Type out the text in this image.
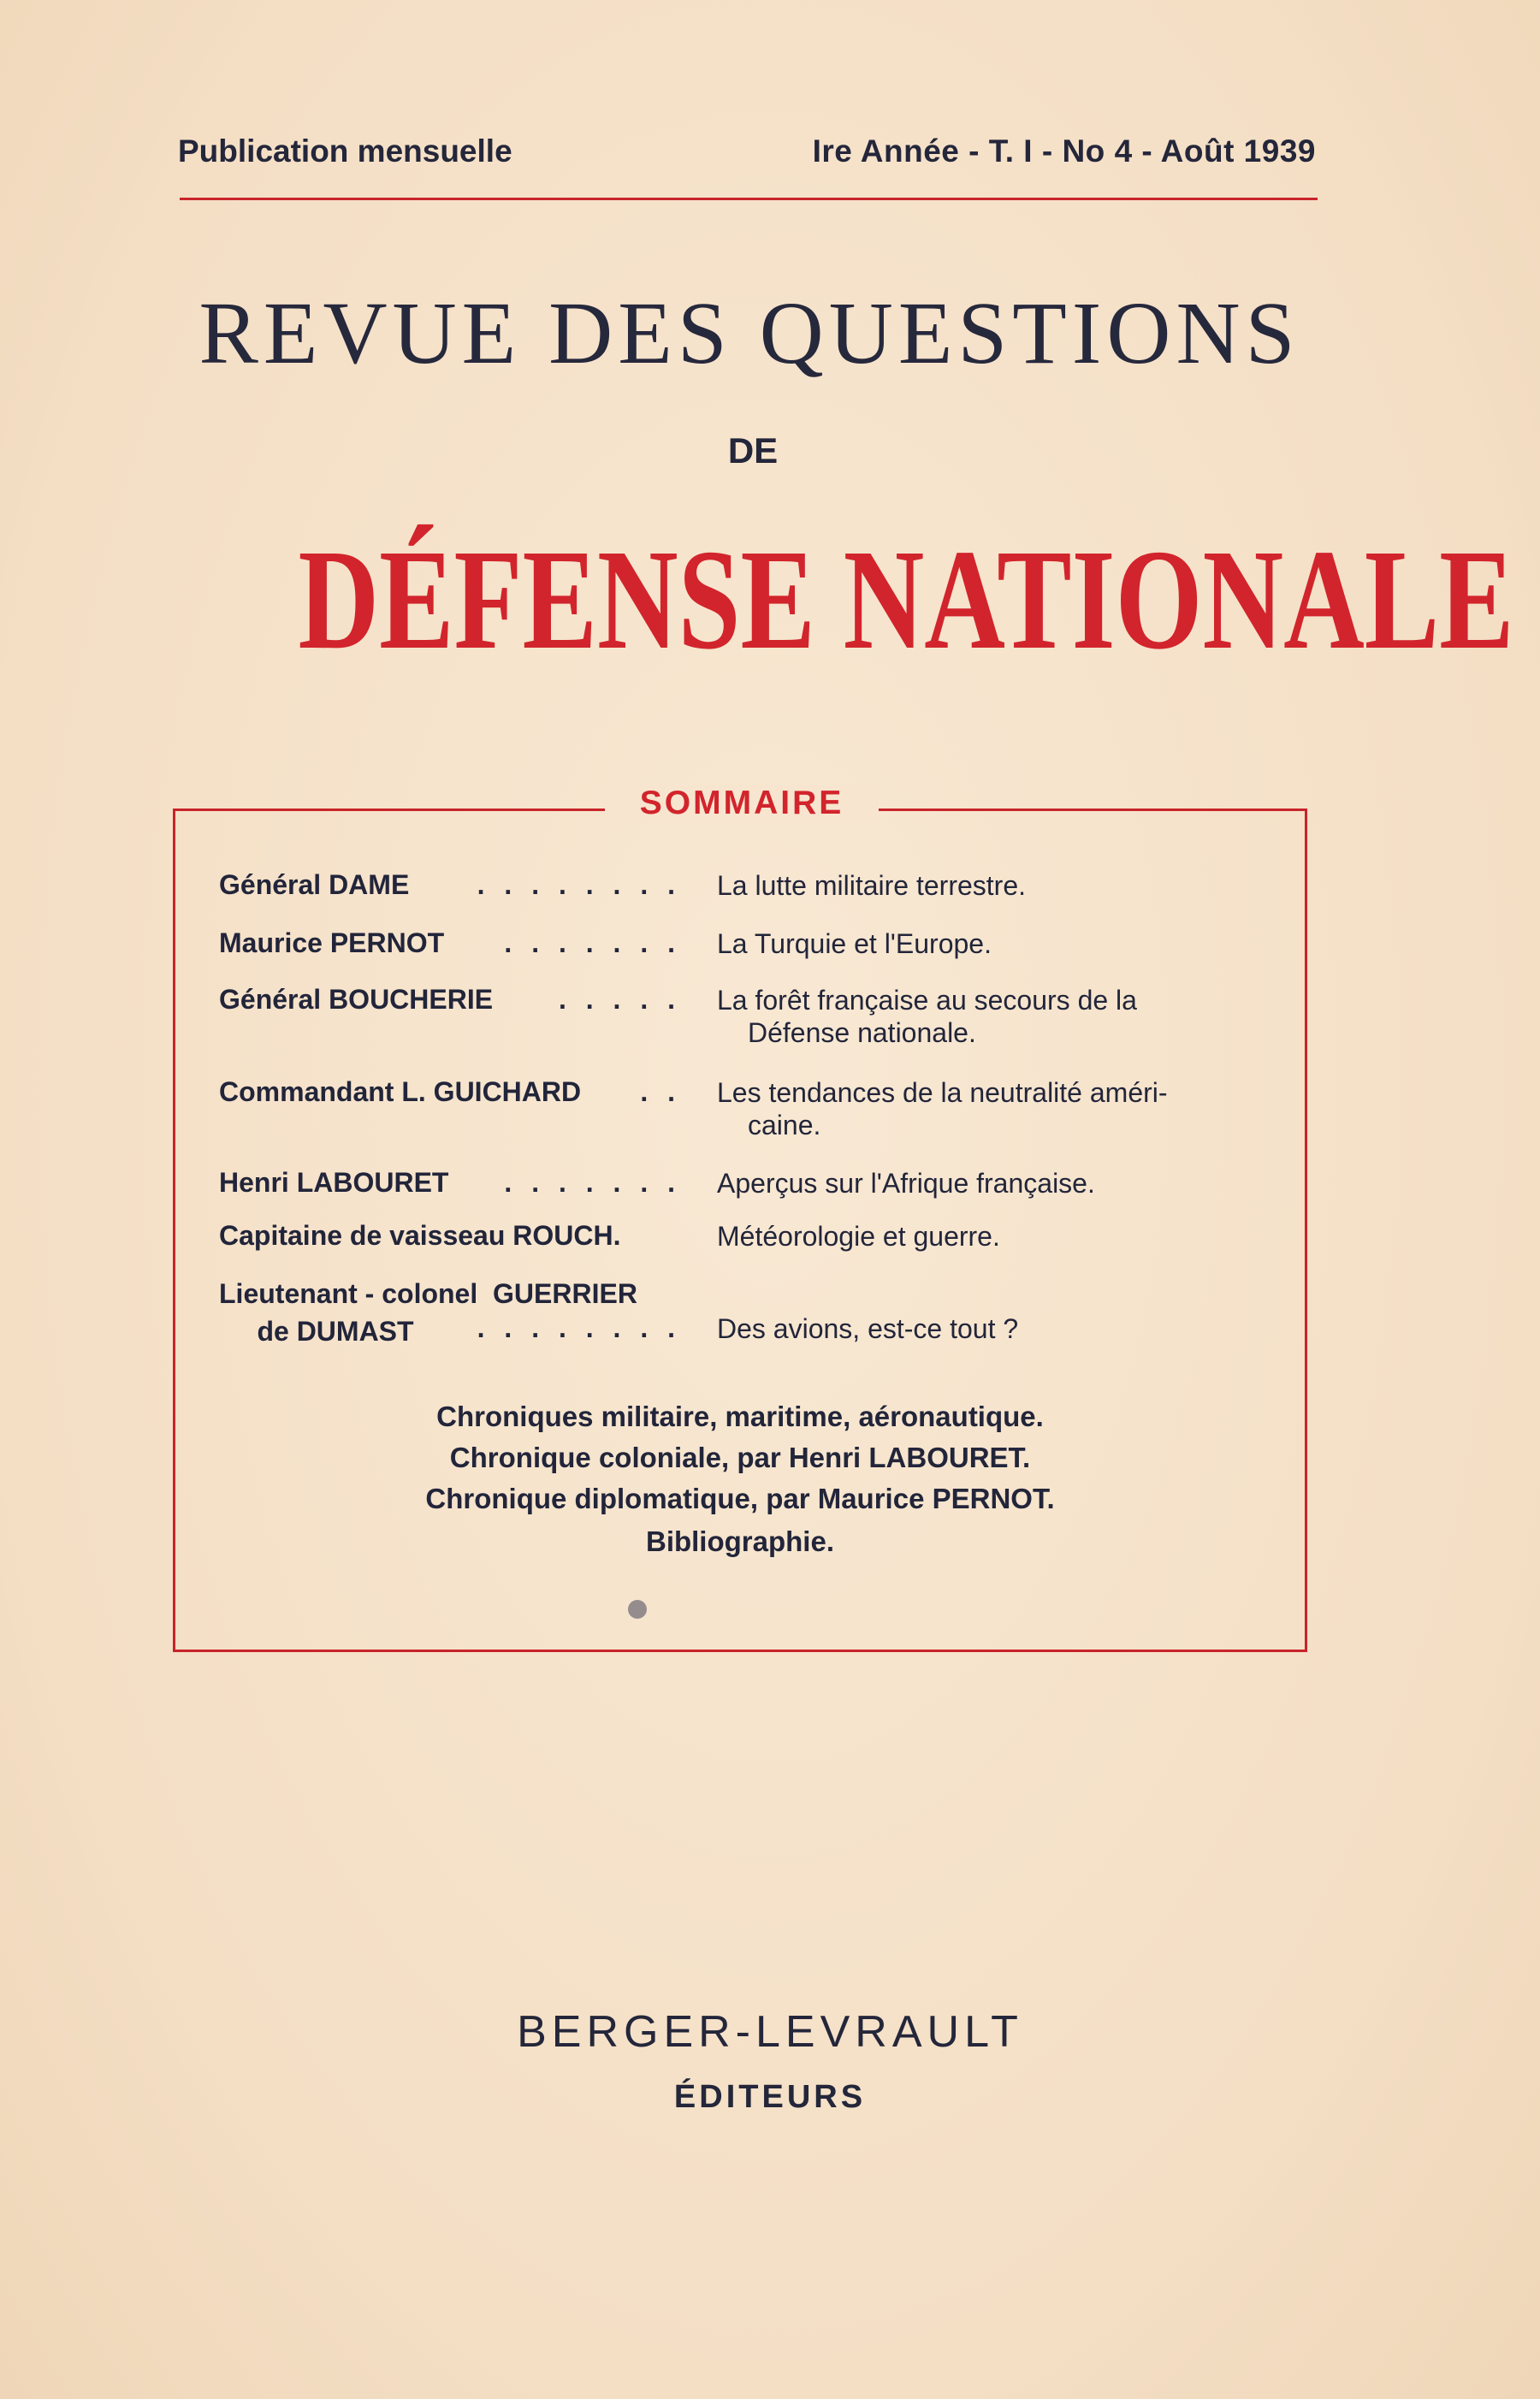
Publication mensuelle	Ire Année - T. I - No 4 - Août 1939
REVUE DES QUESTIONS
DE
DÉFENSE NATIONALE
SOMMAIRE
Général DAME	. . . . . . . . La lutte militaire terrestre.
Maurice PERNOT	. . . . . . . La Turquie et l'Europe.
Général BOUCHERIE	. . . . . La forêt française au secours de la
Défense nationale.
Commandant L. GUICHARD	. . Les tendances de la neutralité améri-
caine.
Henri LABOURET	. . . . . . . Aperçus sur l'Afrique française.
Capitaine de vaisseau ROUCH.	Météorologie et guerre.
Lieutenant - colonel  GUERRIER
de DUMAST	. . . . . . . . Des avions, est-ce tout ?
Chroniques militaire, maritime, aéronautique.
Chronique coloniale, par Henri LABOURET.
Chronique diplomatique, par Maurice PERNOT.
Bibliographie.
BERGER-LEVRAULT
ÉDITEURS
